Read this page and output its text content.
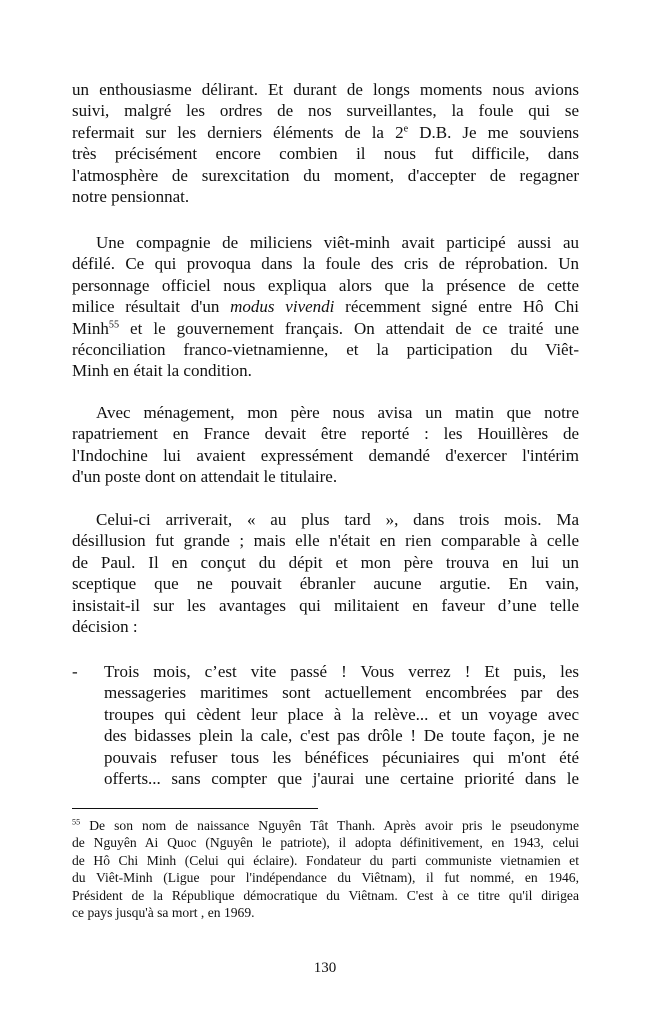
un enthousiasme délirant. Et durant de longs moments nous avions
suivi, malgré les ordres de nos surveillantes, la foule qui se
refermait sur les derniers éléments de la 2e D.B. Je me souviens
très précisément encore combien il nous fut difficile, dans
l'atmosphère de surexcitation du moment, d'accepter de regagner
notre pensionnat.
Une compagnie de miliciens viêt-minh avait participé aussi au
défilé. Ce qui provoqua dans la foule des cris de réprobation. Un
personnage officiel nous expliqua alors que la présence de cette
milice résultait d'un modus vivendi récemment signé entre Hô Chi
Minh$^{55}$ et le gouvernement français. On attendait de ce traité une
réconciliation franco-vietnamienne, et la participation du Viêt-
Minh en était la condition.
Avec ménagement, mon père nous avisa un matin que notre
rapatriement en France devait être reporté : les Houillères de
l'Indochine lui avaient expressément demandé d'exercer l'intérim
d'un poste dont on attendait le titulaire.
Celui-ci arriverait, « au plus tard », dans trois mois. Ma
désillusion fut grande ; mais elle n'était en rien comparable à celle
de Paul. Il en conçut du dépit et mon père trouva en lui un
sceptique que ne pouvait ébranler aucune argutie. En vain,
insistait-il sur les avantages qui militaient en faveur d’une telle
décision :
- Trois mois, c’est vite passé ! Vous verrez ! Et puis, les
messageries maritimes sont actuellement encombrées par des
troupes qui cèdent leur place à la relève... et un voyage avec
des bidasses plein la cale, c'est pas drôle ! De toute façon, je ne
pouvais refuser tous les bénéfices pécuniaires qui m'ont été
offerts... sans compter que j'aurai une certaine priorité dans le
$^{55}$ De son nom de naissance Nguyên Tât Thanh. Après avoir pris le pseudonyme
de Nguyên Ai Quoc (Nguyên le patriote), il adopta définitivement, en 1943, celui
de Hô Chi Minh (Celui qui éclaire). Fondateur du parti communiste vietnamien et
du Viêt-Minh (Ligue pour l'indépendance du Viêtnam), il fut nommé, en 1946,
Président de la République démocratique du Viêtnam. C'est à ce titre qu'il dirigea
ce pays jusqu'à sa mort , en 1969.
130
